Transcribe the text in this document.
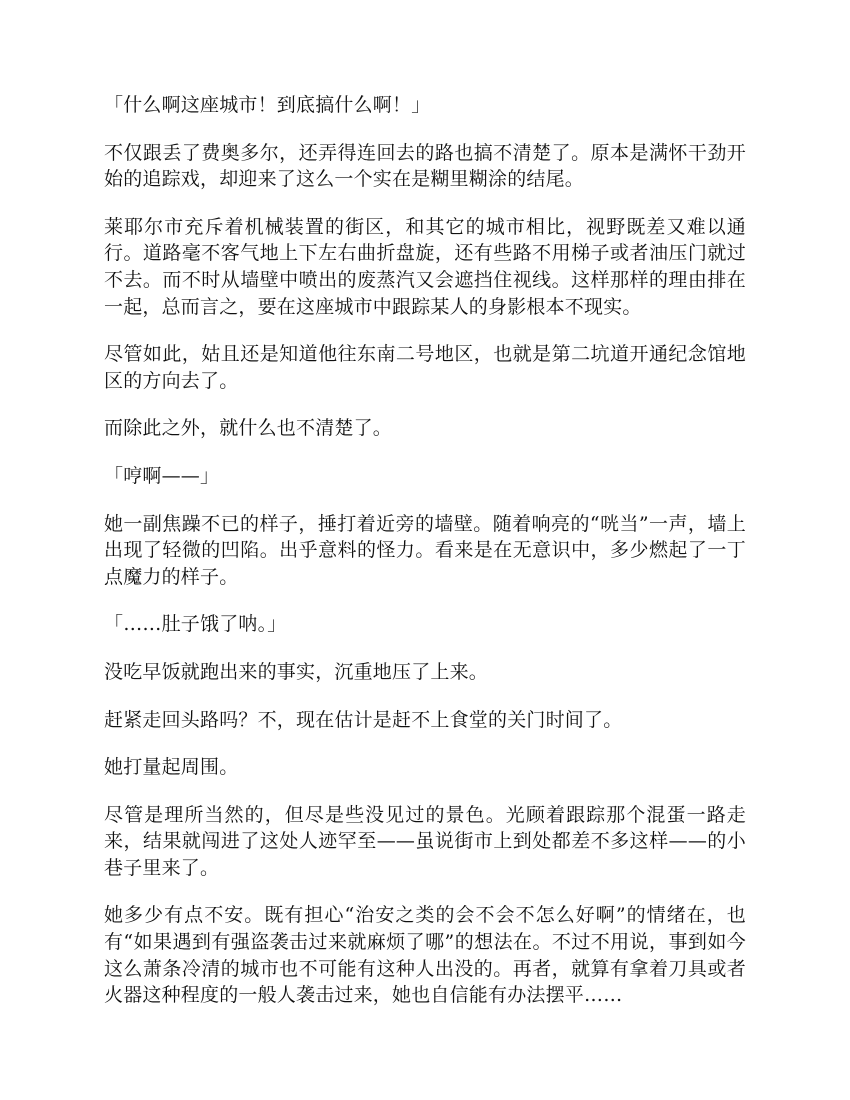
「什么啊这座城市！到底搞什么啊！」

不仅跟丢了费奥多尔，还弄得连回去的路也搞不清楚了。原本是满怀干劲开始的追踪戏，却迎来了这么一个实在是糊里糊涂的结尾。

莱耶尔市充斥着机械装置的街区，和其它的城市相比，视野既差又难以通行。道路毫不客气地上下左右曲折盘旋，还有些路不用梯子或者油压门就过不去。而不时从墙壁中喷出的废蒸汽又会遮挡住视线。这样那样的理由排在一起，总而言之，要在这座城市中跟踪某人的身影根本不现实。

尽管如此，姑且还是知道他往东南二号地区，也就是第二坑道开通纪念馆地区的方向去了。

而除此之外，就什么也不清楚了。

「哼啊——」

她一副焦躁不已的样子，捶打着近旁的墙壁。随着响亮的“咣当”一声，墙上出现了轻微的凹陷。出乎意料的怪力。看来是在无意识中，多少燃起了一丁点魔力的样子。

「……肚子饿了呐。」

没吃早饭就跑出来的事实，沉重地压了上来。

赶紧走回头路吗？不，现在估计是赶不上食堂的关门时间了。

她打量起周围。

尽管是理所当然的，但尽是些没见过的景色。光顾着跟踪那个混蛋一路走来，结果就闯进了这处人迹罕至——虽说街市上到处都差不多这样——的小巷子里来了。

她多少有点不安。既有担心“治安之类的会不会不怎么好啊”的情绪在，也有“如果遇到有强盗袭击过来就麻烦了哪”的想法在。不过不用说，事到如今这么萧条冷清的城市也不可能有这种人出没的。再者，就算有拿着刀具或者火器这种程度的一般人袭击过来，她也自信能有办法摆平……
